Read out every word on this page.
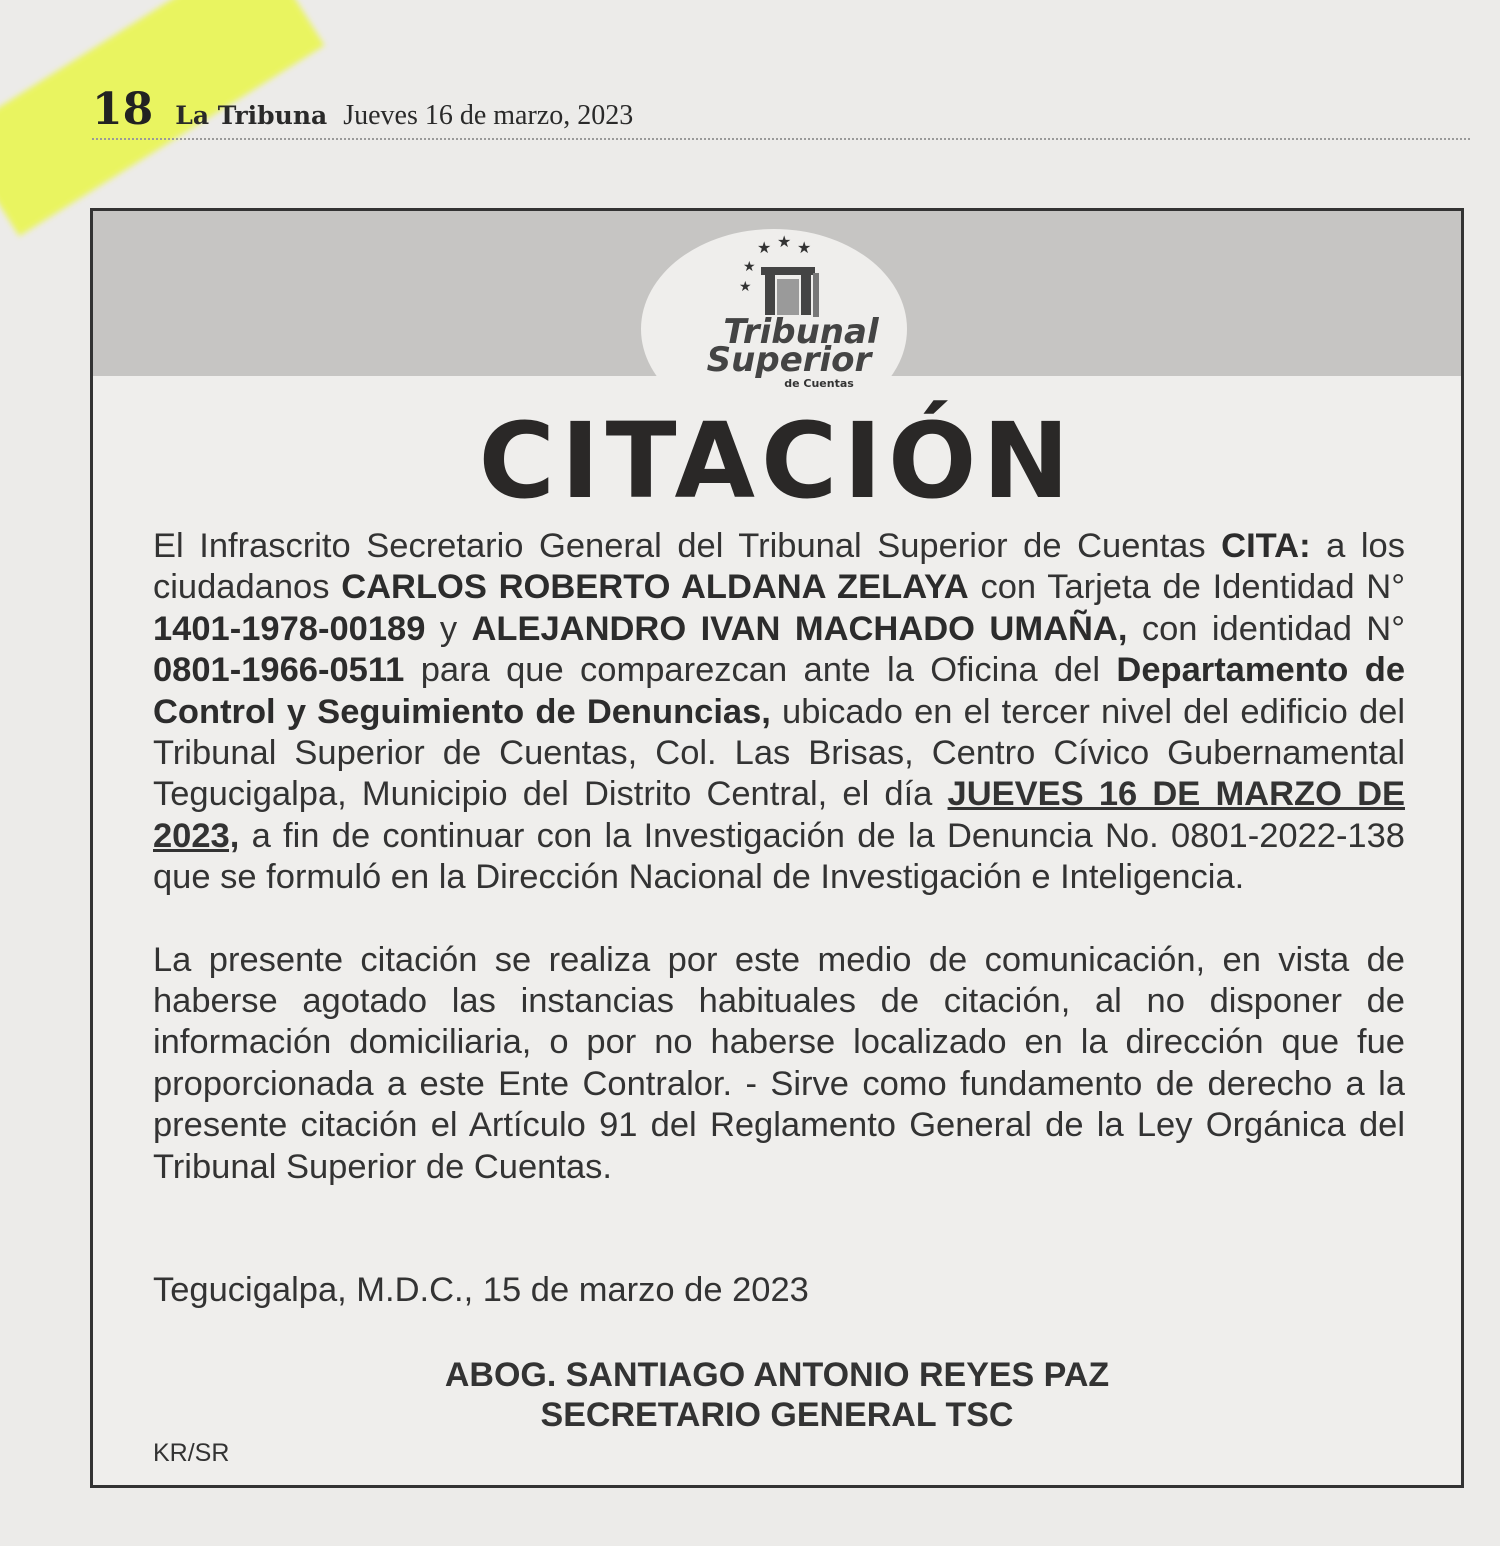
18 La Tribuna Jueves 16 de marzo, 2023
★ ★ ★
★
★
Tribunal
Superior
de Cuentas
CITACIÓN

El Infrascrito Secretario General del Tribunal Superior de Cuentas CITA: a los ciudadanos CARLOS ROBERTO ALDANA ZELAYA con Tarjeta de Identidad N° 1401-1978-00189 y ALEJANDRO IVAN MACHADO UMAÑA, con identidad N° 0801-1966-0511 para que comparezcan ante la Oficina del Departamento de Control y Seguimiento de Denuncias, ubicado en el tercer nivel del edificio del Tribunal Superior de Cuentas, Col. Las Brisas, Centro Cívico Gubernamental Tegucigalpa, Municipio del Distrito Central, el día JUEVES 16 DE MARZO DE 2023, a fin de continuar con la Investigación de la Denuncia No. 0801-2022-138 que se formuló en la Dirección Nacional de Investigación e Inteligencia.

La presente citación se realiza por este medio de comunicación, en vista de haberse agotado las instancias habituales de citación, al no disponer de información domiciliaria, o por no haberse localizado en la dirección que fue proporcionada a este Ente Contralor. - Sirve como fundamento de derecho a la presente citación el Artículo 91 del Reglamento General de la Ley Orgánica del Tribunal Superior de Cuentas.

Tegucigalpa, M.D.C., 15 de marzo de 2023
ABOG. SANTIAGO ANTONIO REYES PAZ
SECRETARIO GENERAL TSC
KR/SR
